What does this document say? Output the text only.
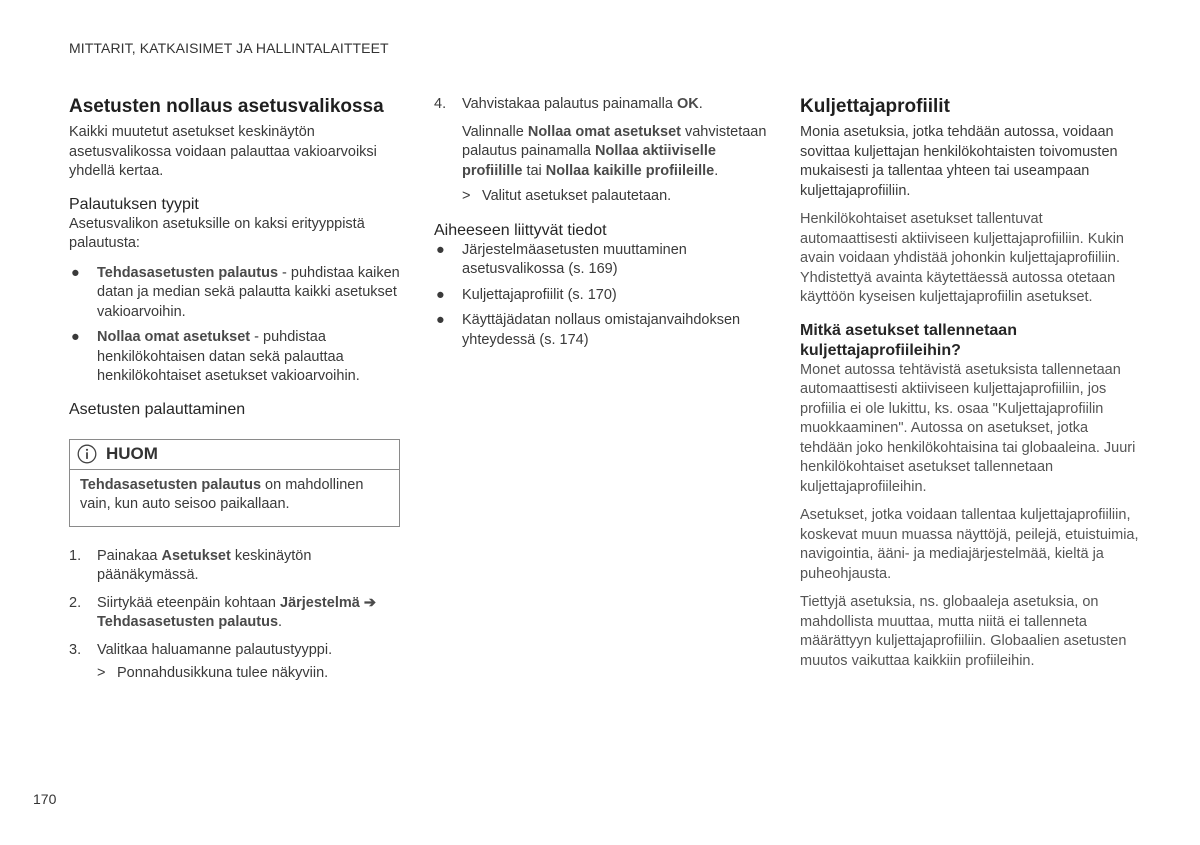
MITTARIT, KATKAISIMET JA HALLINTALAITTEET
Asetusten nollaus asetusvalikossa

Kaikki muutetut asetukset keskinäytön asetusvalikossa voidaan palauttaa vakioarvoiksi yhdellä kertaa.

Palautuksen tyypit

Asetusvalikon asetuksille on kaksi erityyppistä palautusta:

● Tehdasasetusten palautus - puhdistaa kaiken datan ja median sekä palautta kaikki asetukset vakioarvoihin.
● Nollaa omat asetukset - puhdistaa henkilökohtaisen datan sekä palauttaa henkilökohtaiset asetukset vakioarvoihin.
Asetusten palauttaminen
HUOM

Tehdasasetusten palautus on mahdollinen vain, kun auto seisoo paikallaan.

1. Painakaa Asetukset keskinäytön päänäkymässä.
2. Siirtykää eteenpäin kohtaan Järjestelmä ➔ Tehdasasetusten palautus.
3. Valitkaa haluamanne palautustyyppi.
> Ponnahdusikkuna tulee näkyviin.
4. Vahvistakaa palautus painamalla OK.

Valinnalle Nollaa omat asetukset vahvistetaan palautus painamalla Nollaa aktiiviselle profiilille tai Nollaa kaikille profiileille.

> Valitut asetukset palautetaan.
Aiheeseen liittyvät tiedot
● Järjestelmäasetusten muuttaminen asetusvalikossa (s. 169)
● Kuljettajaprofiilit (s. 170)
● Käyttäjädatan nollaus omistajanvaihdoksen yhteydessä (s. 174)
Kuljettajaprofiilit

Monia asetuksia, jotka tehdään autossa, voidaan sovittaa kuljettajan henkilökohtaisten toivomusten mukaisesti ja tallentaa yhteen tai useampaan kuljettajaprofiiliin.

Henkilökohtaiset asetukset tallentuvat automaattisesti aktiiviseen kuljettajaprofiiliin. Kukin avain voidaan yhdistää johonkin kuljettajaprofiiliin. Yhdistettyä avainta käytettäessä autossa otetaan käyttöön kyseisen kuljettajaprofiilin asetukset.

Mitkä asetukset tallennetaan kuljettajaprofiileihin?

Monet autossa tehtävistä asetuksista tallennetaan automaattisesti aktiiviseen kuljettajaprofiiliin, jos profiilia ei ole lukittu, ks. osaa "Kuljettajaprofiilin muokkaaminen". Autossa on asetukset, jotka tehdään joko henkilökohtaisina tai globaaleina. Juuri henkilökohtaiset asetukset tallennetaan kuljettajaprofiileihin.

Asetukset, jotka voidaan tallentaa kuljettajaprofiiliin, koskevat muun muassa näyttöjä, peilejä, etuistuimia, navigointia, ääni- ja mediajärjestelmää, kieltä ja puheohjausta.

Tiettyjä asetuksia, ns. globaaleja asetuksia, on mahdollista muuttaa, mutta niitä ei tallenneta määrättyyn kuljettajaprofiiliin. Globaalien asetusten muutos vaikuttaa kaikkiin profiileihin.

170
